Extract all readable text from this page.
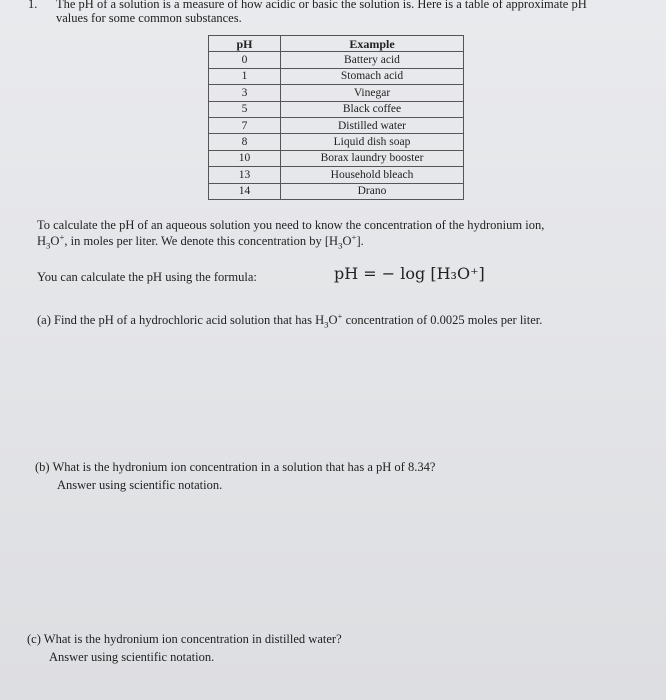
1. The pH of a solution is a measure of how acidic or basic the solution is. Here is a table of approximate pH
values for some common substances.
pH	Example
0	Battery acid
1	Stomach acid
3	Vinegar
5	Black coffee
7	Distilled water
8	Liquid dish soap
10	Borax laundry booster
13	Household bleach
14	Drano
To calculate the pH of an aqueous solution you need to know the concentration of the hydronium ion,
$H_3O^+$, in moles per liter. We denote this concentration by $[H_3O^+]$.
You can calculate the pH using the formula:	pH = − log [H₃O⁺]
(a) Find the pH of a hydrochloric acid solution that has $H_3O^+$ concentration of 0.0025 moles per liter.
(b) What is the hydronium ion concentration in a solution that has a pH of 8.34?
Answer using scientific notation.
(c) What is the hydronium ion concentration in distilled water?
Answer using scientific notation.
